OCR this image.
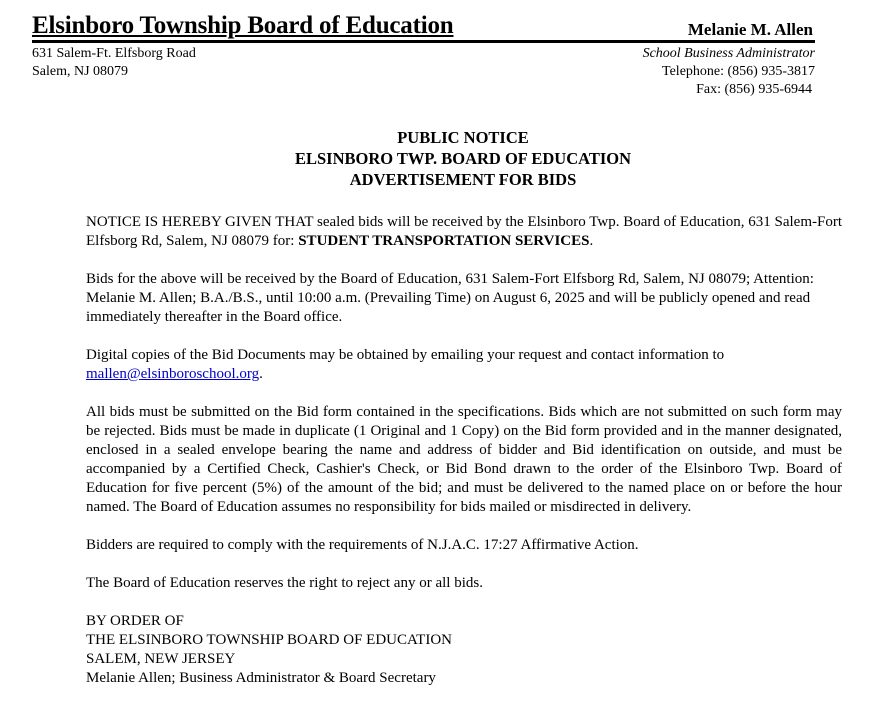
Elsinboro Township Board of Education	Melanie M. Allen
631 Salem-Ft. Elfsborg Road
Salem, NJ 08079
School Business Administrator
Telephone: (856) 935-3817
Fax: (856) 935-6944
PUBLIC NOTICE
ELSINBORO TWP. BOARD OF EDUCATION
ADVERTISEMENT FOR BIDS

NOTICE IS HEREBY GIVEN THAT sealed bids will be received by the Elsinboro Twp. Board of Education, 631 Salem-Fort Elfsborg Rd, Salem, NJ 08079 for: STUDENT TRANSPORTATION SERVICES.

Bids for the above will be received by the Board of Education, 631 Salem-Fort Elfsborg Rd, Salem, NJ 08079; Attention: Melanie M. Allen; B.A./B.S., until 10:00 a.m. (Prevailing Time) on August 6, 2025 and will be publicly opened and read immediately thereafter in the Board office.

Digital copies of the Bid Documents may be obtained by emailing your request and contact information to mallen@elsinboroschool.org.

All bids must be submitted on the Bid form contained in the specifications. Bids which are not submitted on such form may be rejected. Bids must be made in duplicate (1 Original and 1 Copy) on the Bid form provided and in the manner designated, enclosed in a sealed envelope bearing the name and address of bidder and Bid identification on outside, and must be accompanied by a Certified Check, Cashier's Check, or Bid Bond drawn to the order of the Elsinboro Twp. Board of Education for five percent (5%) of the amount of the bid; and must be delivered to the named place on or before the hour named. The Board of Education assumes no responsibility for bids mailed or misdirected in delivery.

Bidders are required to comply with the requirements of N.J.A.C. 17:27 Affirmative Action.

The Board of Education reserves the right to reject any or all bids.

BY ORDER OF
THE ELSINBORO TOWNSHIP BOARD OF EDUCATION
SALEM, NEW JERSEY
Melanie Allen; Business Administrator & Board Secretary
